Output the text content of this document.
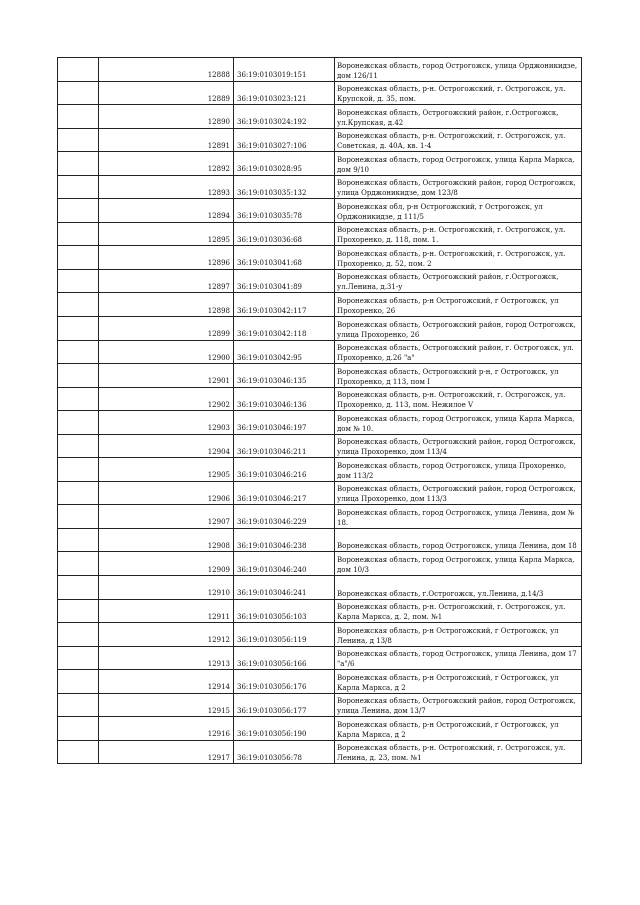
	12888	36:19:0103019:151	Воронежская область, город Острогожск, улица Орджоникидзе, дом 126/11

	12889	36:19:0103023:121	Воронежская область, р-н. Острогожский, г. Острогожск, ул. Крупской, д. 35, пом.

	12890	36:19:0103024:192	Воронежская область, Острогожский район, г.Острогожск, ул.Крупская, д.42

	12891	36:19:0103027:106	Воронежская область, р-н. Острогожский, г. Острогожск, ул. Советская, д. 40А, кв. 1-4

	12892	36:19:0103028:95	Воронежская область, город Острогожск, улица Карла Маркса, дом 9/10

	12893	36:19:0103035:132	Воронежская область, Острогожский район, город Острогожск, улица Орджоникидзе, дом 123/8

	12894	36:19:0103035:78	Воронежская обл, р-н Острогожский, г Острогожск, ул Орджоникидзе, д 111/5

	12895	36:19:0103036:68	Воронежская область, р-н. Острогожский, г. Острогожск, ул. Прохоренко, д. 118, пом. 1.

	12896	36:19:0103041:68	Воронежская область, р-н. Острогожский, г. Острогожск, ул. Прохоренко, д. 52, пом. 2

	12897	36:19:0103041:89	Воронежская область, Острогожский район, г.Острогожск, ул.Ленина, д.31-у

	12898	36:19:0103042:117	Воронежская область, р-н Острогожский, г Острогожск, ул Прохоренко, 26

	12899	36:19:0103042:118	Воронежская область, Острогожский район, город Острогожск, улица Прохоренко, 26

	12900	36:19:0103042:95	Воронежская область, Острогожский район, г. Острогожск, ул. Прохоренко, д.26 "а"

	12901	36:19:0103046:135	Воронежская область, Острогожский р-н, г Острогожск, ул Прохоренко, д 113, пом I

	12902	36:19:0103046:136	Воронежская область, р-н. Острогожский, г. Острогожск, ул. Прохоренко, д. 113, пом. Нежилое V

	12903	36:19:0103046:197	Воронежская область, город Острогожск, улица Карла Маркса, дом № 10.

	12904	36:19:0103046:211	Воронежская область, Острогожский район, город Острогожск, улица Прохоренко, дом 113/4

	12905	36:19:0103046:216	Воронежская область, город Острогожск, улица Прохоренко, дом 113/2

	12906	36:19:0103046:217	Воронежская область, Острогожский район, город Острогожск, улица Прохоренко, дом 113/3

	12907	36:19:0103046:229	Воронежская область, город Острогожск, улица Ленина, дом № 18.

	12908	36:19:0103046:238	Воронежская область, город Острогожск, улица Ленина, дом 18

	12909	36:19:0103046:240	Воронежская область, город Острогожск, улица Карла Маркса, дом 10/3

	12910	36:19:0103046:241	Воронежская область, г.Острогожск, ул.Ленина, д.14/3

	12911	36:19:0103056:103	Воронежская область, р-н. Острогожский, г. Острогожск, ул. Карла Маркса, д. 2, пом. №1

	12912	36:19:0103056:119	Воронежская область, р-н Острогожский, г Острогожск, ул Ленина, д 13/8

	12913	36:19:0103056:166	Воронежская область, город Острогожск, улица Ленина, дом 17 "а"/6

	12914	36:19:0103056:176	Воронежская область, р-н Острогожский, г Острогожск, ул Карла Маркса, д 2

	12915	36:19:0103056:177	Воронежская область, Острогожский район, город Острогожск, улица Ленина, дом 13/7

	12916	36:19:0103056:190	Воронежская область, р-н Острогожский, г Острогожск, ул Карла Маркса, д 2

	12917	36:19:0103056:78	Воронежская область, р-н. Острогожский, г. Острогожск, ул. Ленина, д. 23, пом. №1
